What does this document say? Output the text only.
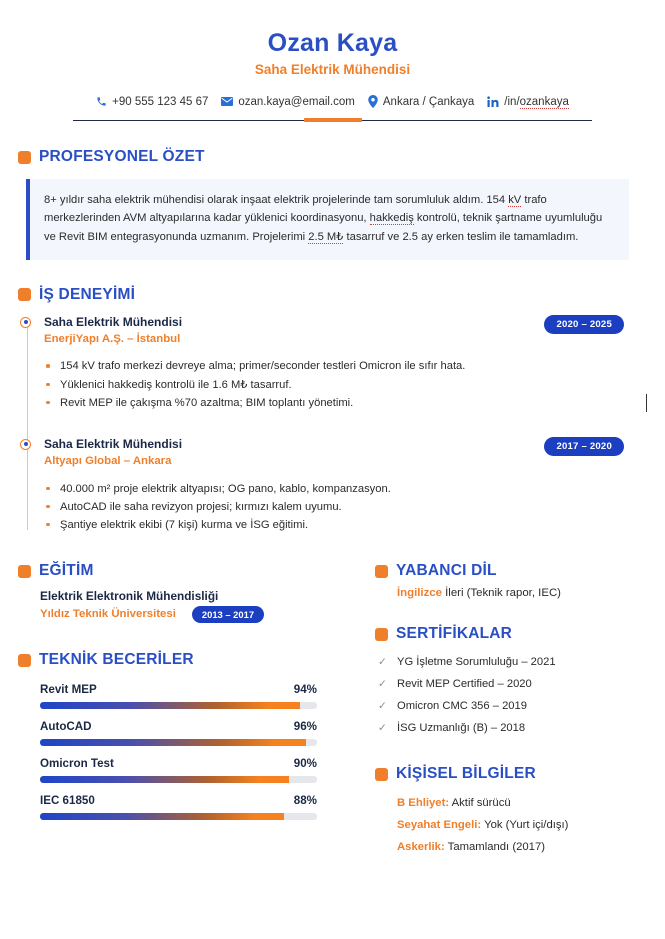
Ozan Kaya
Saha Elektrik Mühendisi
+90 555 123 45 67	ozan.kaya@email.com Ankara / Çankaya	/in/ozankaya
PROFESYONEL ÖZET
8+ yıldır saha elektrik mühendisi olarak inşaat elektrik projelerinde tam sorumluluk aldım. 154 kV trafo merkezlerinden AVM altyapılarına kadar yüklenici koordinasyonu, hakkediş kontrolü, teknik şartname uyumluluğu ve Revit BIM entegrasyonunda uzmanım. Projelerimi 2.5 M₺ tasarruf ve 2.5 ay erken teslim ile tamamladım.
İŞ DENEYİMİ
Saha Elektrik Mühendisi
EnerjiYapı A.Ş. – İstanbul
2020 – 2025
154 kV trafo merkezi devreye alma; primer/seconder testleri Omicron ile sıfır hata.
Yüklenici hakkediş kontrolü ile 1.6 M₺ tasarruf.
Revit MEP ile çakışma %70 azaltma; BIM toplantı yönetimi.
Saha Elektrik Mühendisi
Altyapı Global – Ankara
2017 – 2020
40.000 m² proje elektrik altyapısı; OG pano, kablo, kompanzasyon.
AutoCAD ile saha revizyon projesi; kırmızı kalem uyumu.
Şantiye elektrik ekibi (7 kişi) kurma ve İSG eğitimi.
EĞİTİM
Elektrik Elektronik Mühendisliği
Yıldız Teknik Üniversitesi	2013 – 2017
TEKNİK BECERİLER
Revit MEP	94%
AutoCAD	96%
Omicron Test	90%
IEC 61850	88%
YABANCI DİL
İngilizce İleri (Teknik rapor, IEC)
SERTİFİKALAR
✓ YG İşletme Sorumluluğu – 2021
✓ Revit MEP Certified – 2020
✓ Omicron CMC 356 – 2019
✓ İSG Uzmanlığı (B) – 2018
KİŞİSEL BİLGİLER
B Ehliyet: Aktif sürücü
Seyahat Engeli: Yok (Yurt içi/dışı)
Askerlik: Tamamlandı (2017)
